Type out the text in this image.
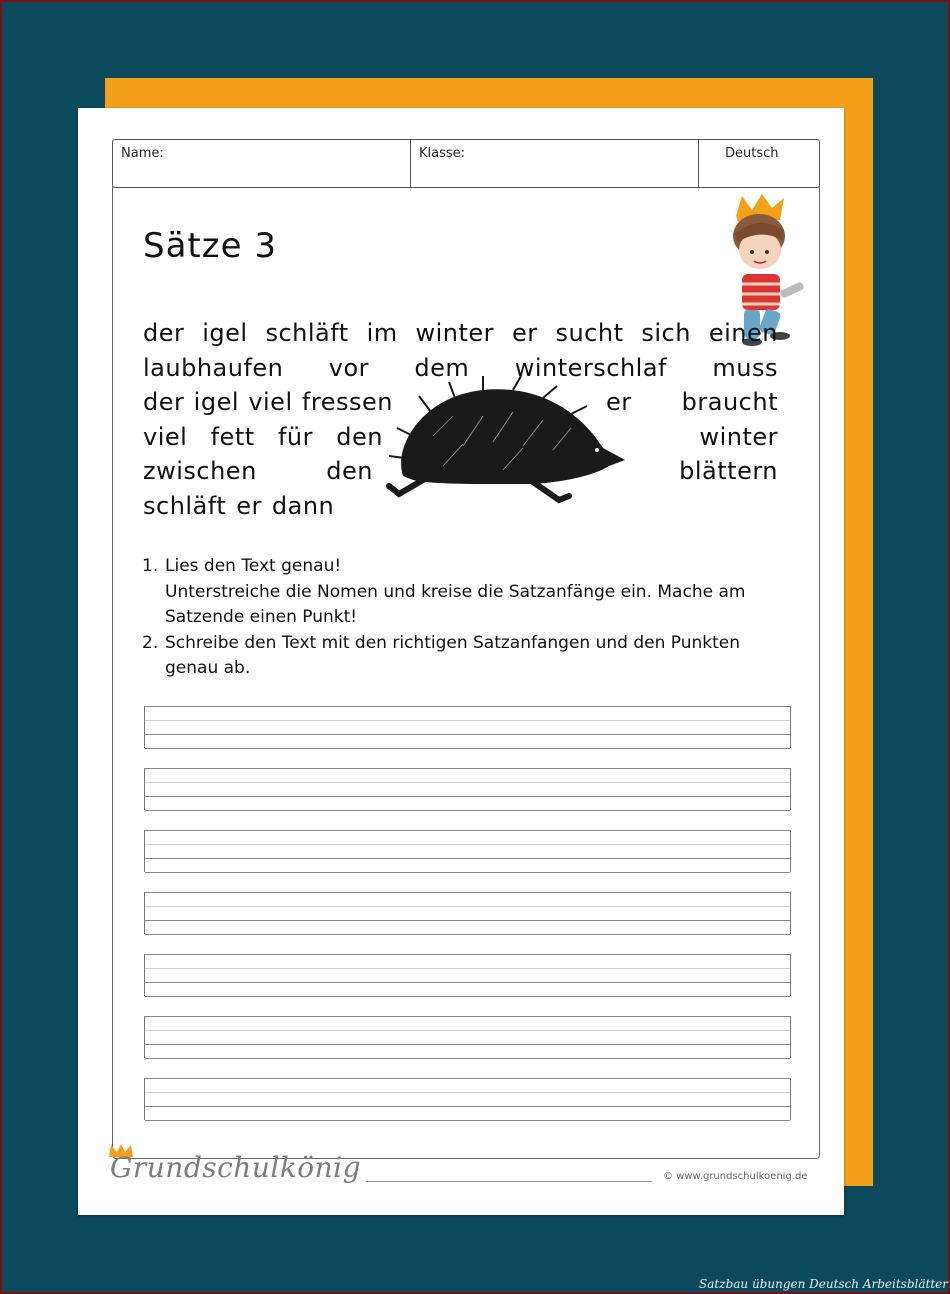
Name:	Klasse:	Deutsch
Sätze 3
der igel schläft im winter er sucht sich einen
laubhaufen vor dem winterschlaf muss
der igel viel fressen	er braucht
viel fett für den	winter
zwischen	den	blättern
schläft er dann
1. Lies den Text genau!
Unterstreiche die Nomen und kreise die Satzanfänge ein. Mache am
Satzende einen Punkt!
2. Schreibe den Text mit den richtigen Satzanfangen und den Punkten
genau ab.
Grundschulkönig	© www.grundschulkoenig.de
Satzbau übungen Deutsch Arbeitsblätter
